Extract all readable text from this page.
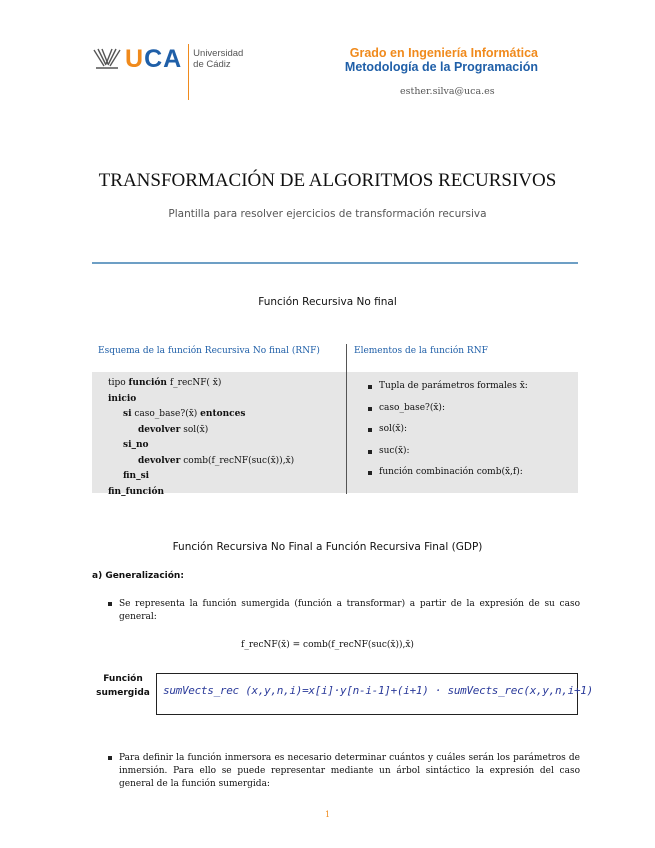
UCA Universidad
de Cádiz
Grado en Ingeniería Informática
Metodología de la Programación
esther.silva@uca.es
TRANSFORMACIÓN DE ALGORITMOS RECURSIVOS
Plantilla para resolver ejercicios de transformación recursiva
Función Recursiva No final
Esquema de la función Recursiva No final (RNF)	Elementos de la función RNF
tipo función f_recNF( x̄)
inicio
si caso_base?(x̄) entonces
devolver sol(x̄)
si_no
devolver comb(f_recNF(suc(x̄)),x̄)
fin_si
fin_función
Tupla de parámetros formales x̄:
caso_base?(x̄):
sol(x̄):
suc(x̄):
función combinación comb(x̄,f):
Función Recursiva No Final a Función Recursiva Final (GDP)
a) Generalización:
Se representa la función sumergida (función a transformar) a partir de la expresión de su caso general:
f_recNF(x̄) = comb(f_recNF(suc(x̄)),x̄)
Función
sumergida	sumVects_rec (x,y,n,i)=x[i]·y[n-i-1]+(i+1) · sumVects_rec(x,y,n,i+1)
Para definir la función inmersora es necesario determinar cuántos y cuáles serán los parámetros de inmersión. Para ello se puede representar mediante un árbol sintáctico la expresión del caso general de la función sumergida:
1
